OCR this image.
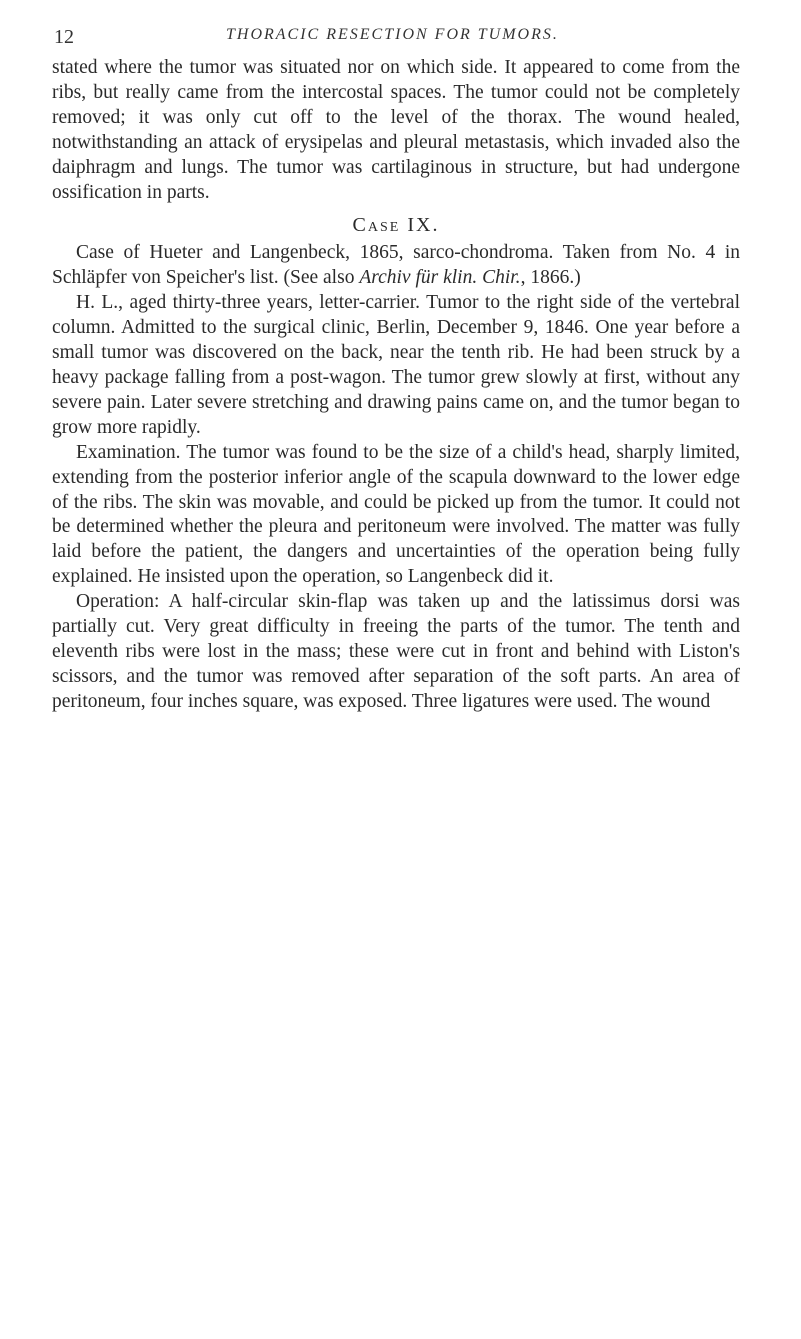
12	THORACIC RESECTION FOR TUMORS.

stated where the tumor was situated nor on which side. It appeared to come from the ribs, but really came from the intercostal spaces. The tumor could not be completely removed; it was only cut off to the level of the thorax. The wound healed, notwithstanding an attack of erysipelas and pleural metastasis, which invaded also the daiphragm and lungs. The tumor was cartilaginous in structure, but had undergone ossification in parts.

Case IX.

Case of Hueter and Langenbeck, 1865, sarco-chondroma. Taken from No. 4 in Schläpfer von Speicher's list. (See also Archiv für klin. Chir., 1866.)

H. L., aged thirty-three years, letter-carrier. Tumor to the right side of the vertebral column. Admitted to the surgical clinic, Berlin, December 9, 1846. One year before a small tumor was discovered on the back, near the tenth rib. He had been struck by a heavy package falling from a post-wagon. The tumor grew slowly at first, without any severe pain. Later severe stretching and drawing pains came on, and the tumor began to grow more rapidly.

Examination. The tumor was found to be the size of a child's head, sharply limited, extending from the posterior inferior angle of the scapula downward to the lower edge of the ribs. The skin was movable, and could be picked up from the tumor. It could not be determined whether the pleura and peritoneum were involved. The matter was fully laid before the patient, the dangers and uncertainties of the operation being fully explained. He insisted upon the operation, so Langenbeck did it.

Operation: A half-circular skin-flap was taken up and the latissimus dorsi was partially cut. Very great difficulty in freeing the parts of the tumor. The tenth and eleventh ribs were lost in the mass; these were cut in front and behind with Liston's scissors, and the tumor was removed after separation of the soft parts. An area of peritoneum, four inches square, was exposed. Three ligatures were used. The wound
